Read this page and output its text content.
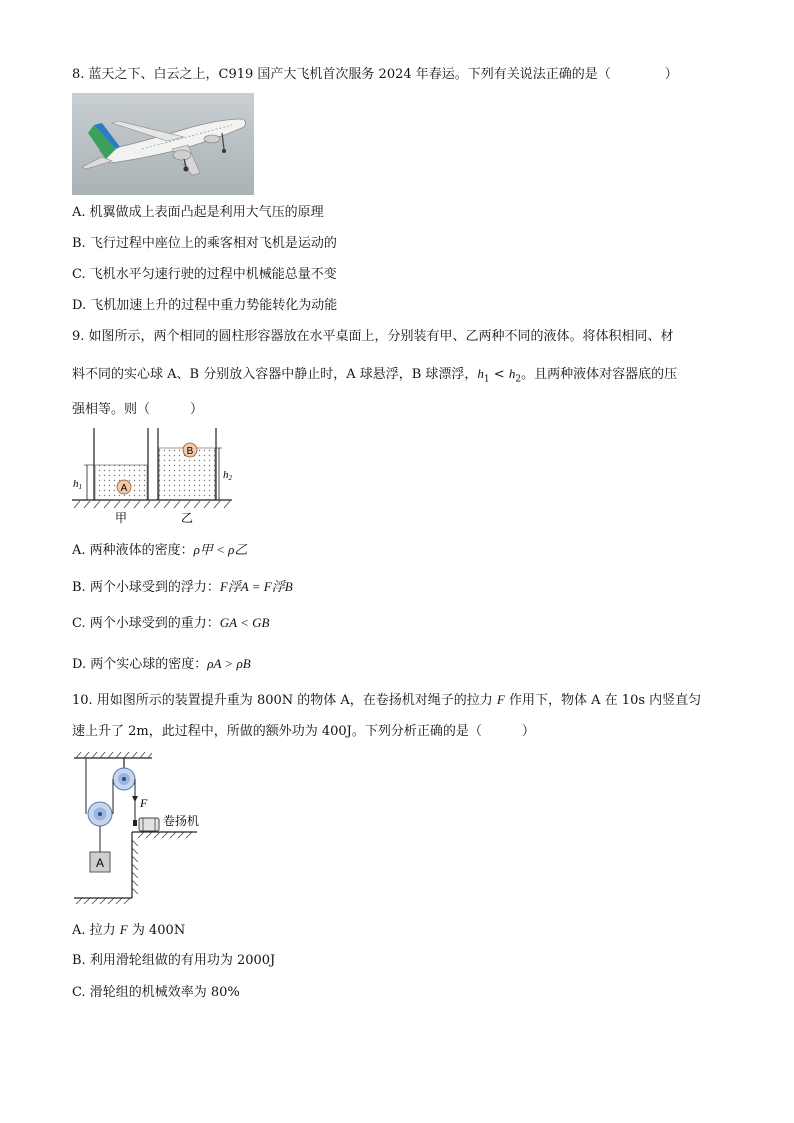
8. 蓝天之下、白云之上，C919 国产大飞机首次服务 2024 年春运。下列有关说法正确的是（	）
A. 机翼做成上表面凸起是利用大气压的原理
B. 飞行过程中座位上的乘客相对飞机是运动的
C. 飞机水平匀速行驶的过程中机械能总量不变
D. 飞机加速上升的过程中重力势能转化为动能
9. 如图所示，两个相同的圆柱形容器放在水平桌面上，分别装有甲、乙两种不同的液体。将体积相同、材
料不同的实心球 A、B 分别放入容器中静止时，A 球悬浮，B 球漂浮，$h_1 < h_2$。且两种液体对容器底的压
强相等。则（	）
A
B
h1
h2
甲	乙
A. 两种液体的密度：ρ甲 < ρ乙
B. 两个小球受到的浮力：F浮A = F浮B
C. 两个小球受到的重力：GA < GB
D. 两个实心球的密度：ρA > ρB
10. 用如图所示的装置提升重为 800N 的物体 A，在卷扬机对绳子的拉力 F 作用下，物体 A 在 10s 内竖直匀
速上升了 2m，此过程中，所做的额外功为 400J。下列分析正确的是（	）
A
F
卷扬机
A. 拉力 F 为 400N
B. 利用滑轮组做的有用功为 2000J
C. 滑轮组的机械效率为 80%
